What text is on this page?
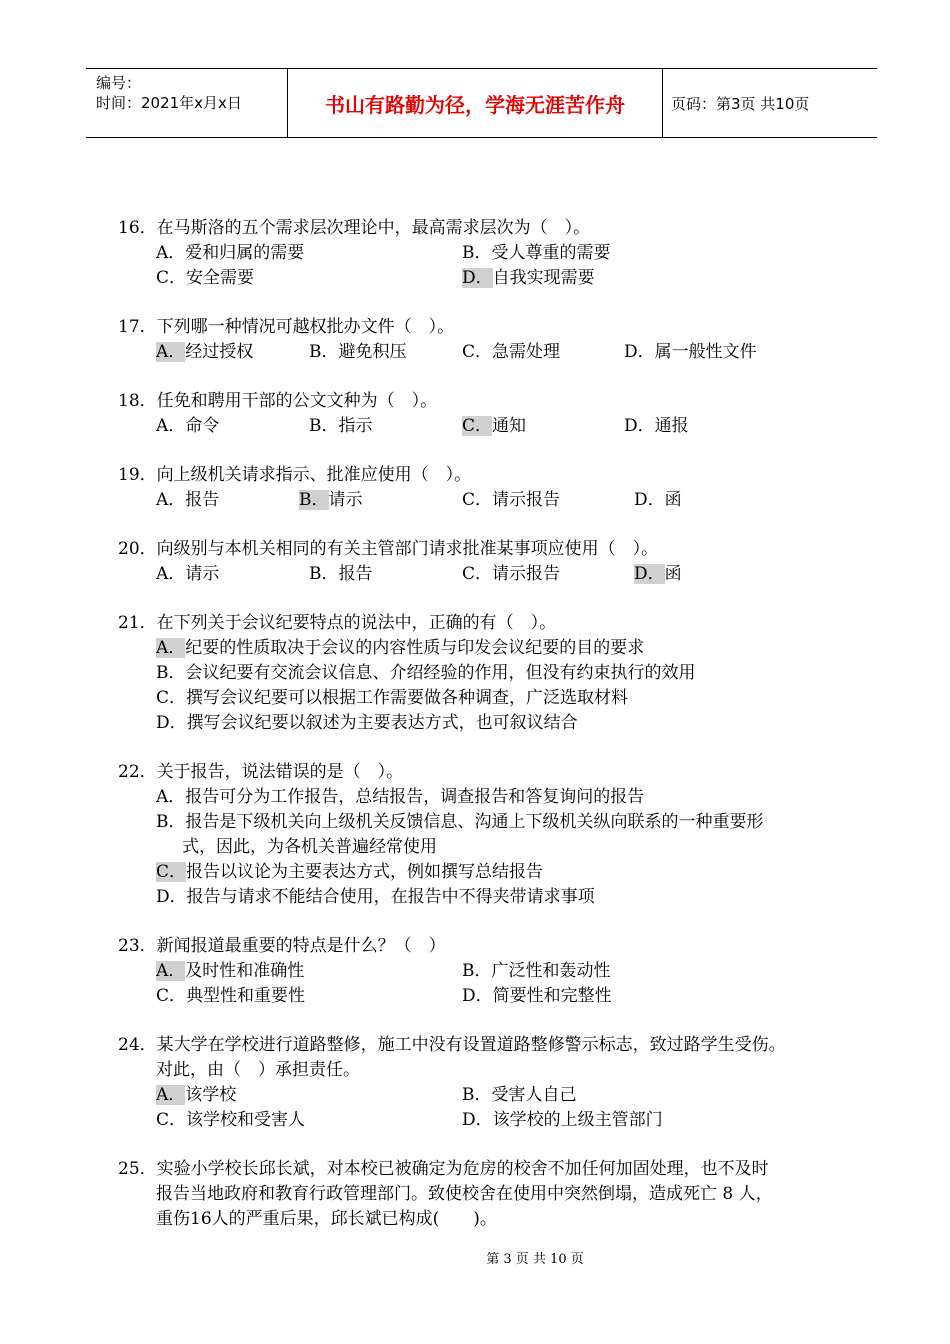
编号：
时间：2021年x月x日	书山有路勤为径，学海无涯苦作舟	页码：第3页 共10页
16．在马斯洛的五个需求层次理论中，最高需求层次为（　）。
A．爱和归属的需要	B．受人尊重的需要
C．安全需要	D．自我实现需要
17．下列哪一种情况可越权批办文件（　）。
A．经过授权	B．避免积压	C．急需处理	D．属一般性文件
18．任免和聘用干部的公文文种为（　）。
A．命令	B．指示	C．通知	D．通报
19．向上级机关请求指示、批准应使用（　）。
A．报告	B．请示	C．请示报告	D．函
20．向级别与本机关相同的有关主管部门请求批准某事项应使用（　）。
A．请示	B．报告	C．请示报告	D．函
21．在下列关于会议纪要特点的说法中，正确的有（　）。
A．纪要的性质取决于会议的内容性质与印发会议纪要的目的要求
B．会议纪要有交流会议信息、介绍经验的作用，但没有约束执行的效用
C．撰写会议纪要可以根据工作需要做各种调查，广泛选取材料
D．撰写会议纪要以叙述为主要表达方式，也可叙议结合
22．关于报告，说法错误的是（　）。
A．报告可分为工作报告，总结报告，调查报告和答复询问的报告
B．报告是下级机关向上级机关反馈信息、沟通上下级机关纵向联系的一种重要形
式，因此，为各机关普遍经常使用
C．报告以议论为主要表达方式，例如撰写总结报告
D．报告与请求不能结合使用，在报告中不得夹带请求事项
23．新闻报道最重要的特点是什么？（　）
A．及时性和准确性	B．广泛性和轰动性
C．典型性和重要性	D．简要性和完整性
24．某大学在学校进行道路整修，施工中没有设置道路整修警示标志，致过路学生受伤。
对此，由（　）承担责任。
A．该学校	B．受害人自己
C．该学校和受害人	D．该学校的上级主管部门
25．实验小学校长邱长斌，对本校已被确定为危房的校舍不加任何加固处理，也不及时
报告当地政府和教育行政管理部门。致使校舍在使用中突然倒塌，造成死亡 8 人，
重伤16人的严重后果，邱长斌已构成(　　)。
第 3 页 共 10 页
